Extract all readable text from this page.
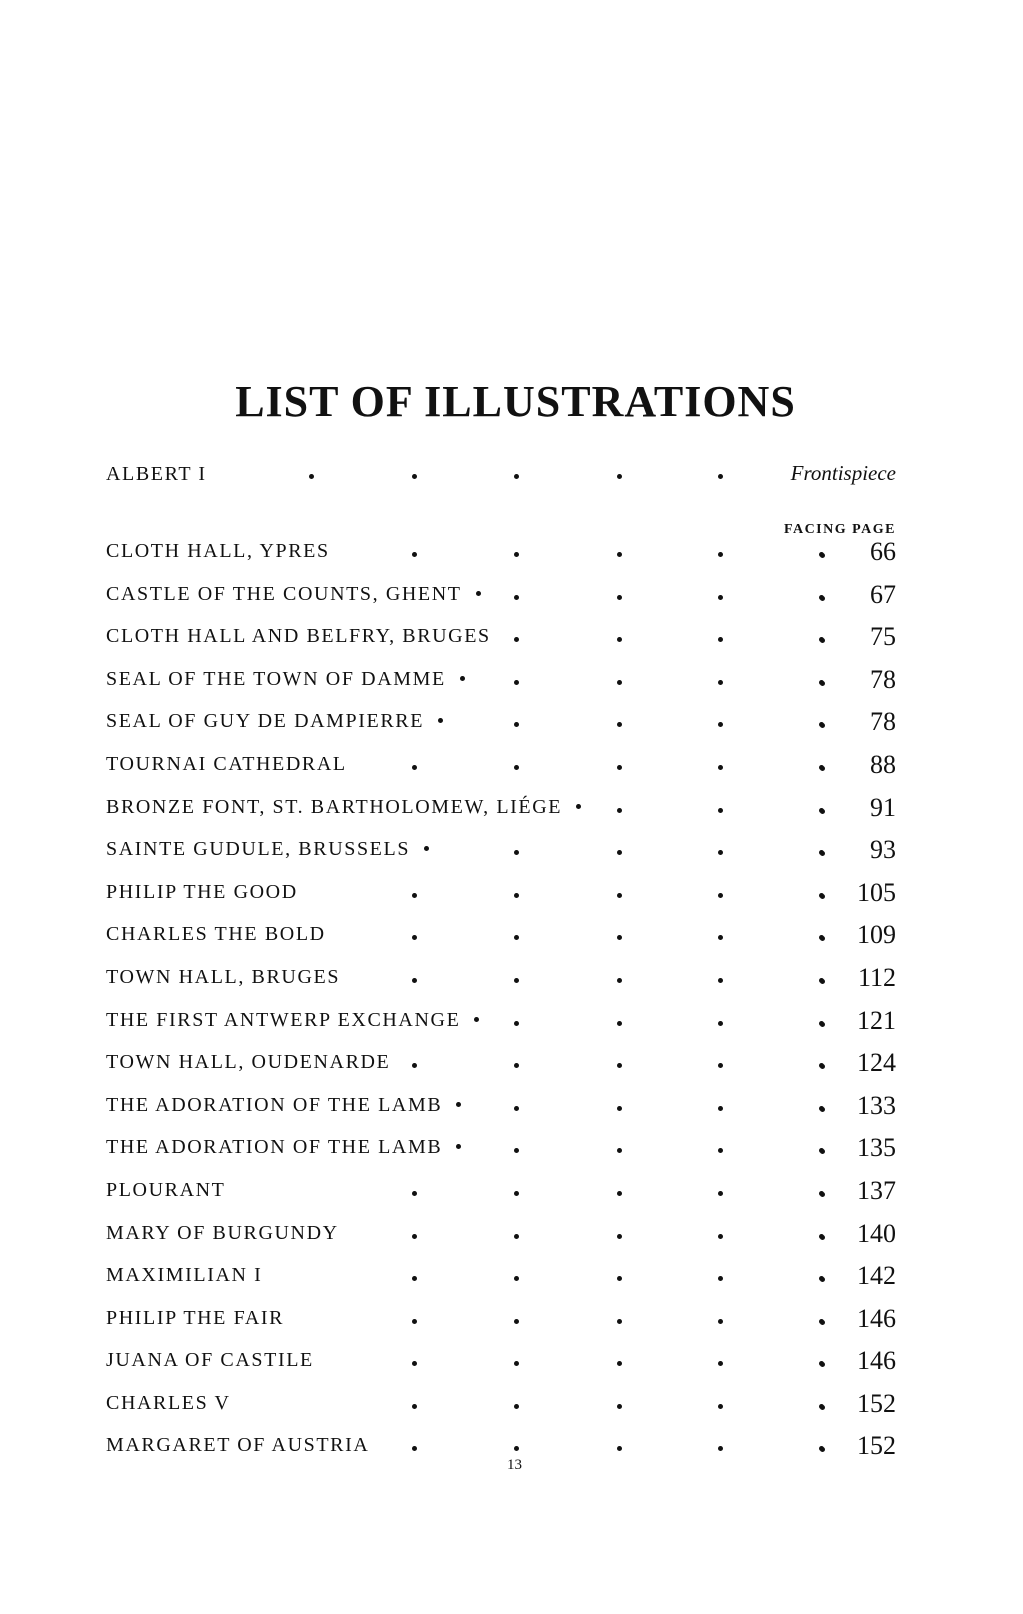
LIST OF ILLUSTRATIONS
ALBERT I	Frontispiece
FACING PAGE
CLOTH HALL, YPRES	66
CASTLE OF THE COUNTS, GHENT	67
CLOTH HALL AND BELFRY, BRUGES	75
SEAL OF THE TOWN OF DAMME	78
SEAL OF GUY DE DAMPIERRE	78
TOURNAI CATHEDRAL	88
BRONZE FONT, ST. BARTHOLOMEW, LIÉGE	91
SAINTE GUDULE, BRUSSELS	93
PHILIP THE GOOD	105
CHARLES THE BOLD	109
TOWN HALL, BRUGES	112
THE FIRST ANTWERP EXCHANGE	121
TOWN HALL, OUDENARDE	124
THE ADORATION OF THE LAMB	133
THE ADORATION OF THE LAMB	135
PLOURANT	137
MARY OF BURGUNDY	140
MAXIMILIAN I	142
PHILIP THE FAIR	146
JUANA OF CASTILE	146
CHARLES V	152
MARGARET OF AUSTRIA	152
13
